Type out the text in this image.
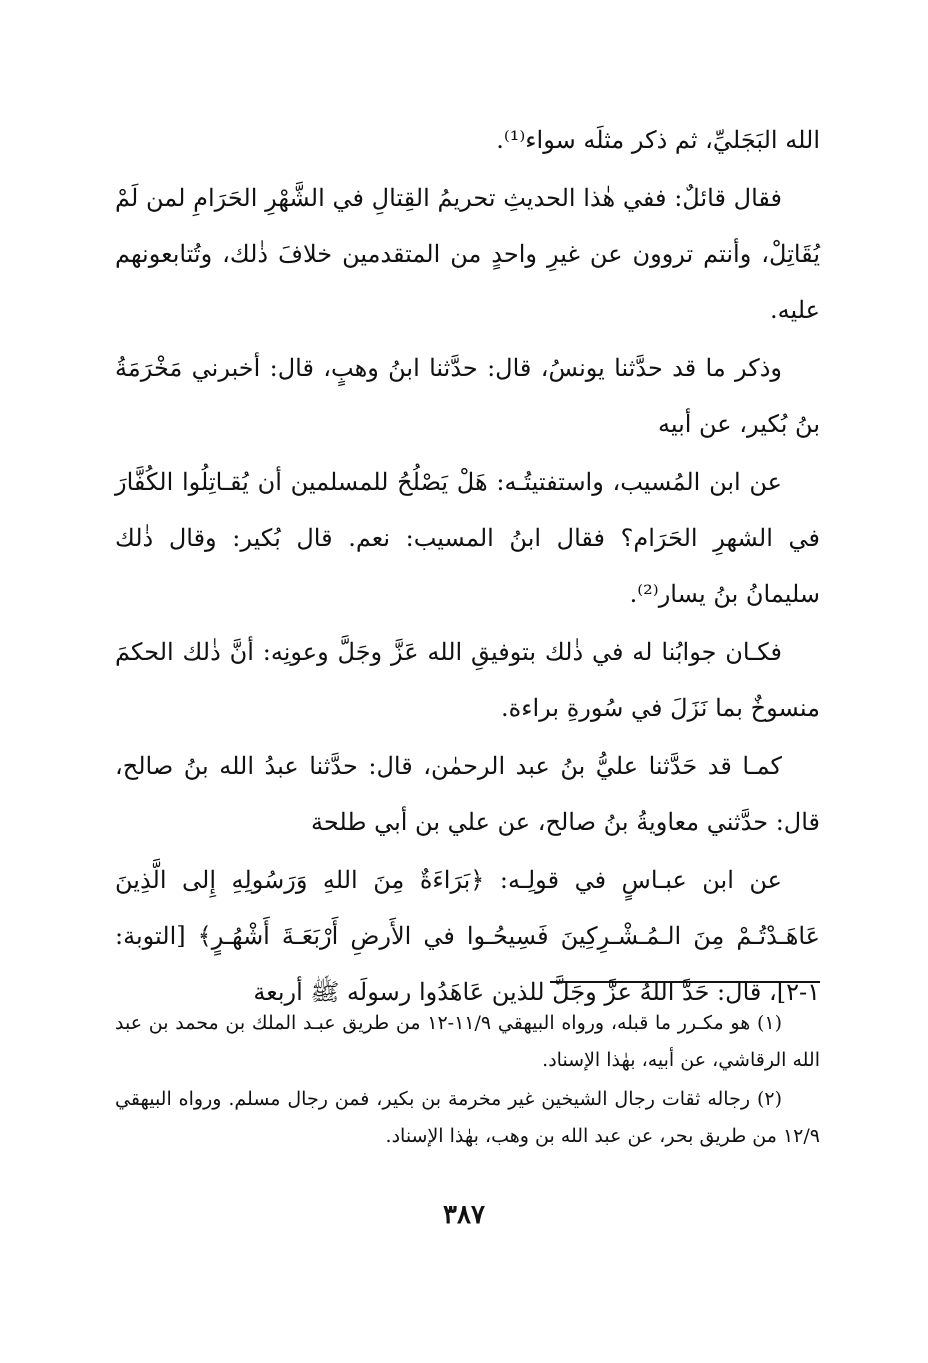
الله البَجَليِّ، ثم ذكر مثلَه سواء⁽¹⁾.

فقال قائلٌ: ففي هٰذا الحديثِ تحريمُ القِتالِ في الشَّهْرِ الحَرَامِ لمن لَمْ يُقَاتِلْ، وأنتم تروون عن غيرِ واحدٍ من المتقدمين خلافَ ذٰلك، وتُتابعونهم عليه.

وذكر ما قد حدَّثنا يونسُ، قال: حدَّثنا ابنُ وهبٍ، قال: أخبرني مَخْرَمَةُ بنُ بُكير، عن أبيه

عن ابن المُسيب، واستفتيتُـه: هَلْ يَصْلُحُ للمسلمين أن يُقـاتِلُوا الكُفَّارَ في الشهرِ الحَرَام؟ فقال ابنُ المسيب: نعم. قال بُكير: وقال ذٰلك سليمانُ بنُ يسار⁽²⁾.

فكـان جوابُنا له في ذٰلك بتوفيقِ الله عَزَّ وجَلَّ وعونِه: أنَّ ذٰلك الحكمَ منسوخٌ بما نَزَلَ في سُورةِ براءة.

كمـا قد حَدَّثنا عليُّ بنُ عبد الرحمٰن، قال: حدَّثنا عبدُ الله بنُ صالح، قال: حدَّثني معاويةُ بنُ صالح، عن علي بن أبي طلحة

عن ابن عبـاسٍ في قولِـه: ﴿بَرَاءَةٌ مِنَ اللهِ وَرَسُولِهِ إِلى الَّذِينَ عَاهَـدْتُـمْ مِنَ الـمُـشْـرِكِينَ فَسِيحُـوا في الأَرضِ أَرْبَعَـةَ أَشْهُـرٍ﴾ [التوبة: ١-٢]، قال: حَدَّ اللهُ عزَّ وجَلَّ للذين عَاهَدُوا رسولَه ﷺ أربعة

(١) هو مكـرر ما قبله، ورواه البيهقي ١١/٩-١٢ من طريق عبـد الملك بن محمد بن عبد الله الرقاشي، عن أبيه، بهٰذا الإسناد.

(٢) رجاله ثقات رجال الشيخين غير مخرمة بن بكير، فمن رجال مسلم. ورواه البيهقي ١٢/٩ من طريق بحر، عن عبد الله بن وهب، بهٰذا الإسناد.

٣٨٧
